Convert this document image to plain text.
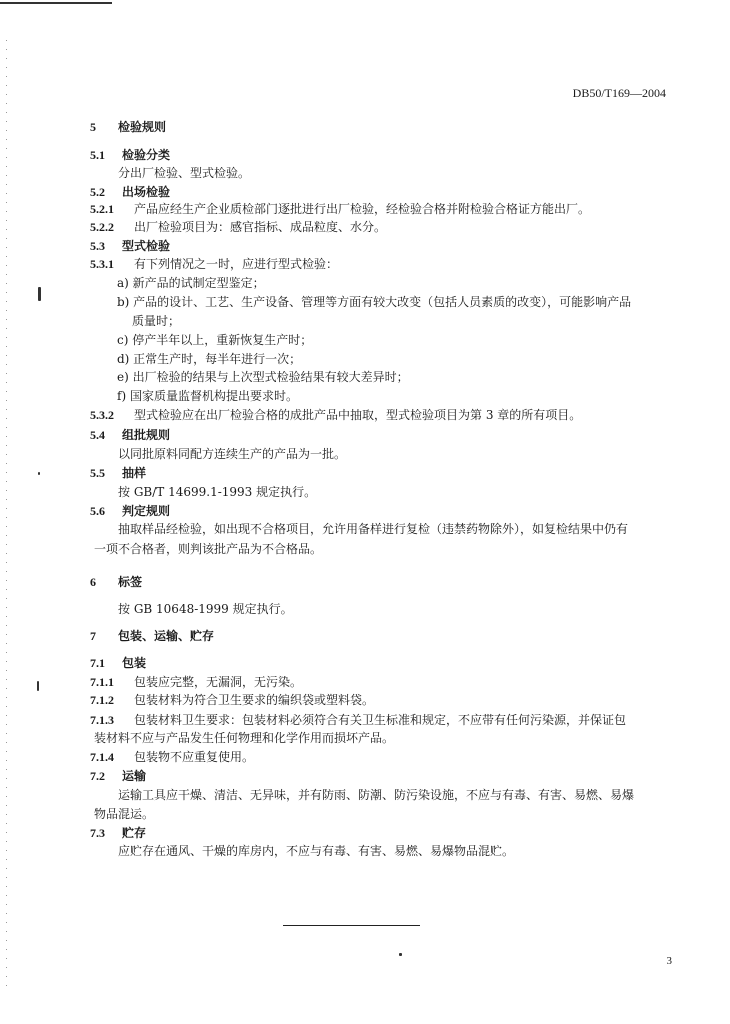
DB50/T169—2004
5 检验规则
5.1 检验分类
分出厂检验、型式检验。
5.2 出场检验
5.2.1 产品应经生产企业质检部门逐批进行出厂检验，经检验合格并附检验合格证方能出厂。
5.2.2 出厂检验项目为：感官指标、成品粒度、水分。
5.3 型式检验
5.3.1 有下列情况之一时，应进行型式检验：
a) 新产品的试制定型鉴定；
b) 产品的设计、工艺、生产设备、管理等方面有较大改变（包括人员素质的改变），可能影响产品
质量时；
c) 停产半年以上，重新恢复生产时；
d) 正常生产时，每半年进行一次；
e) 出厂检验的结果与上次型式检验结果有较大差异时；
f) 国家质量监督机构提出要求时。
5.3.2 型式检验应在出厂检验合格的成批产品中抽取，型式检验项目为第 3 章的所有项目。
5.4 组批规则
以同批原料同配方连续生产的产品为一批。
5.5 抽样
按 GB/T 14699.1-1993 规定执行。
5.6 判定规则
抽取样品经检验，如出现不合格项目，允许用备样进行复检（违禁药物除外），如复检结果中仍有
一项不合格者，则判该批产品为不合格品。
6 标签
按 GB 10648-1999 规定执行。
7 包装、运输、贮存
7.1 包装
7.1.1 包装应完整，无漏洞，无污染。
7.1.2 包装材料为符合卫生要求的编织袋或塑料袋。
7.1.3 包装材料卫生要求：包装材料必须符合有关卫生标准和规定，不应带有任何污染源，并保证包
装材料不应与产品发生任何物理和化学作用而损坏产品。
7.1.4 包装物不应重复使用。
7.2 运输
运输工具应干燥、清洁、无异味，并有防雨、防潮、防污染设施，不应与有毒、有害、易燃、易爆
物品混运。
7.3 贮存
应贮存在通风、干燥的库房内，不应与有毒、有害、易燃、易爆物品混贮。
3
